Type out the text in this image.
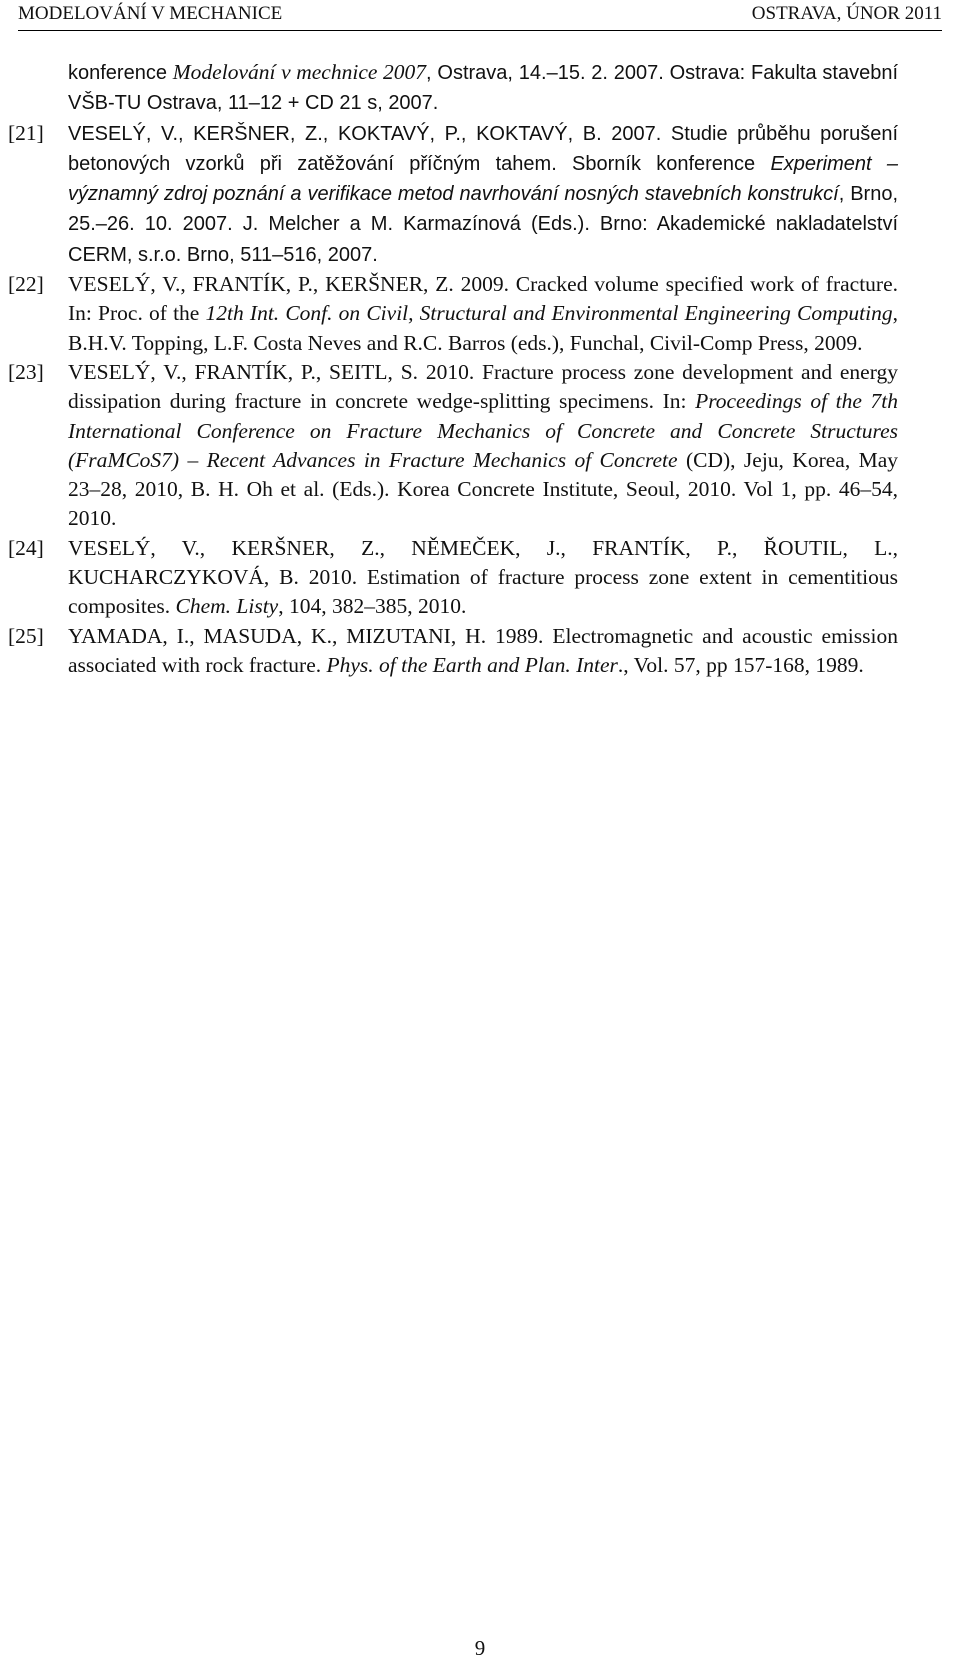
MODELOVÁNÍ V MECHANICE	OSTRAVA, ÚNOR 2011
konference Modelování v mechnice 2007, Ostrava, 14.–15. 2. 2007. Ostrava: Fakulta stavební VŠB-TU Ostrava, 11–12 + CD 21 s, 2007.
[21] VESELÝ, V., KERŠNER, Z., KOKTAVÝ, P., KOKTAVÝ, B. 2007. Studie průběhu porušení betonových vzorků při zatěžování příčným tahem. Sborník konference Experiment – významný zdroj poznání a verifikace metod navrhování nosných stavebních konstrukcí, Brno, 25.–26. 10. 2007. J. Melcher a M. Karmazínová (Eds.). Brno: Akademické nakladatelství CERM, s.r.o. Brno, 511–516, 2007.
[22] VESELÝ, V., FRANTÍK, P., KERŠNER, Z. 2009. Cracked volume specified work of fracture. In: Proc. of the 12th Int. Conf. on Civil, Structural and Environmental Engineering Computing, B.H.V. Topping, L.F. Costa Neves and R.C. Barros (eds.), Funchal, Civil-Comp Press, 2009.
[23] VESELÝ, V., FRANTÍK, P., SEITL, S. 2010. Fracture process zone development and energy dissipation during fracture in concrete wedge-splitting specimens. In: Proceedings of the 7th International Conference on Fracture Mechanics of Concrete and Concrete Structures (FraMCoS7) – Recent Advances in Fracture Mechanics of Concrete (CD), Jeju, Korea, May 23–28, 2010, B. H. Oh et al. (Eds.). Korea Concrete Institute, Seoul, 2010. Vol 1, pp. 46–54, 2010.
[24] VESELÝ, V., KERŠNER, Z., NĚMEČEK, J., FRANTÍK, P., ŘOUTIL, L., KUCHARCZYKOVÁ, B. 2010. Estimation of fracture process zone extent in cementitious composites. Chem. Listy, 104, 382–385, 2010.
[25] YAMADA, I., MASUDA, K., MIZUTANI, H. 1989. Electromagnetic and acoustic emission associated with rock fracture. Phys. of the Earth and Plan. Inter., Vol. 57, pp 157-168, 1989.
9
